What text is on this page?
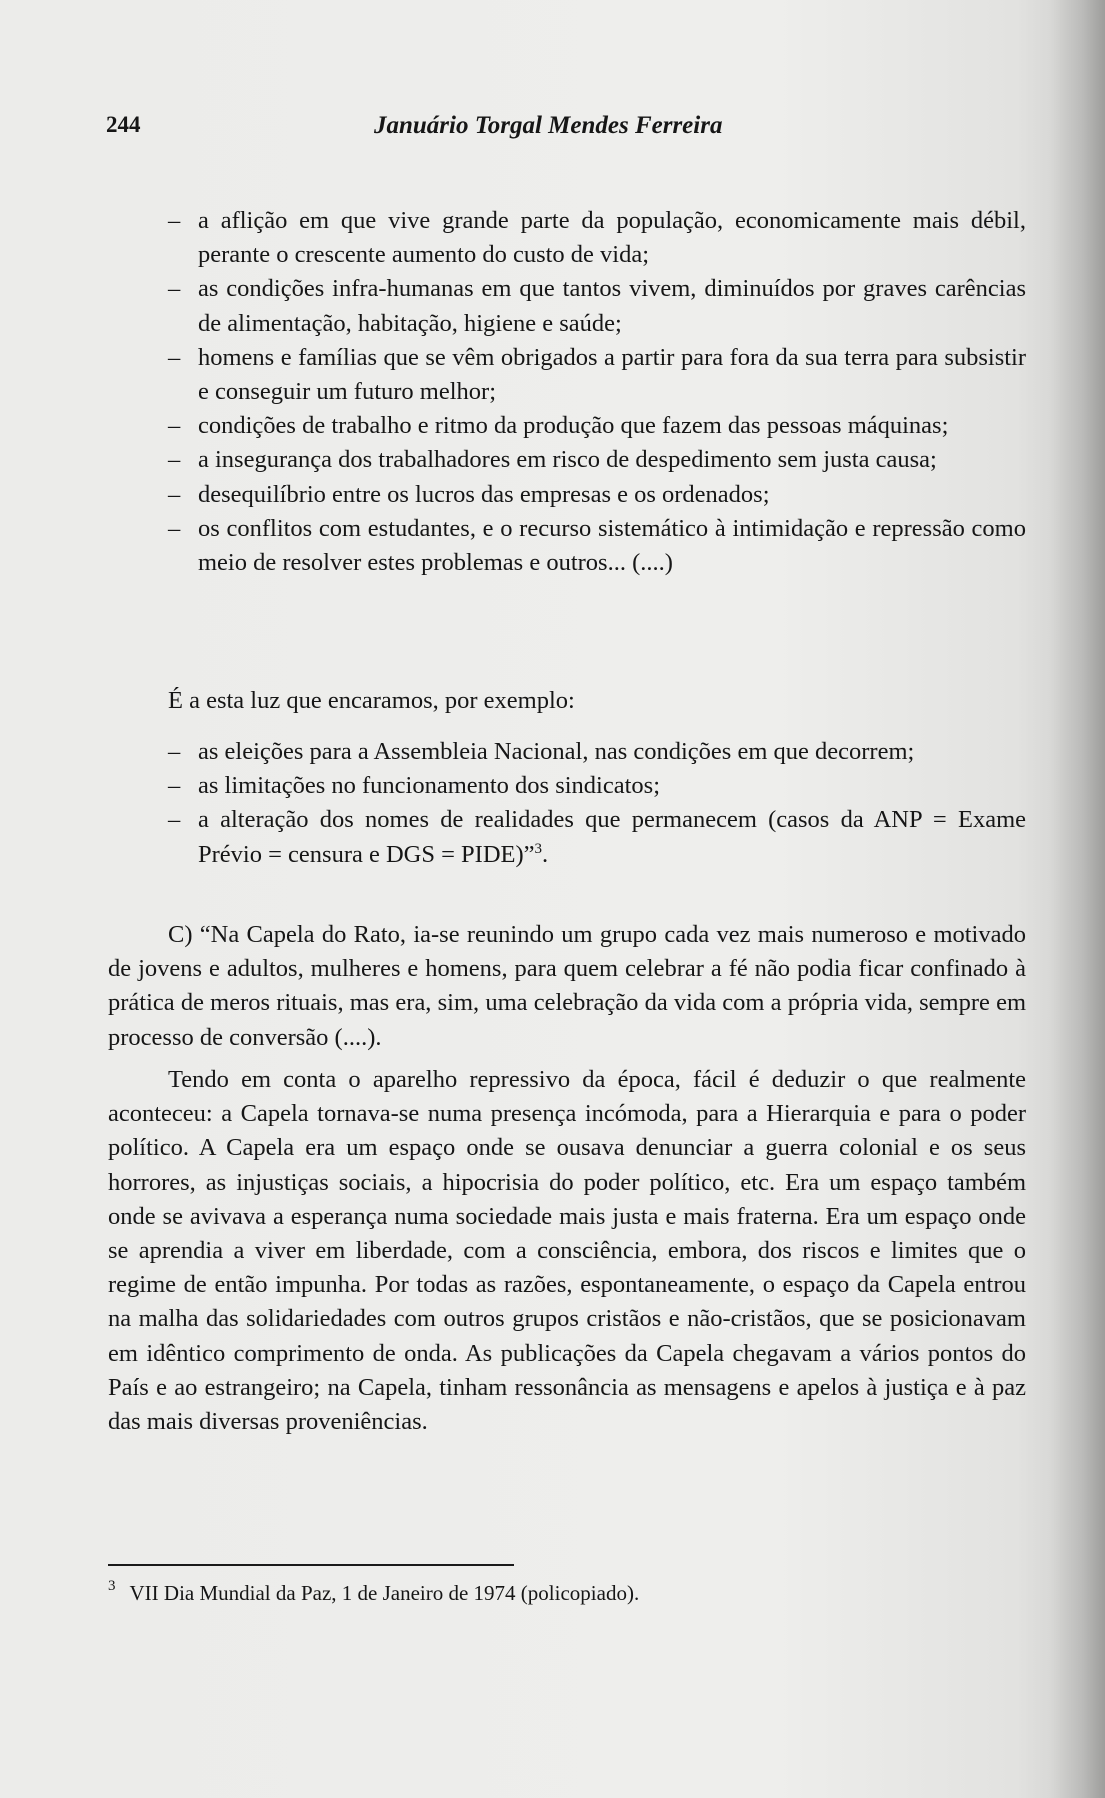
244	Januário Torgal Mendes Ferreira
– a aflição em que vive grande parte da população, economicamente mais débil, perante o crescente aumento do custo de vida;
– as condições infra-humanas em que tantos vivem, diminuídos por graves carências de alimentação, habitação, higiene e saúde;
– homens e famílias que se vêm obrigados a partir para fora da sua terra para subsistir e conseguir um futuro melhor;
– condições de trabalho e ritmo da produção que fazem das pessoas máquinas;
– a insegurança dos trabalhadores em risco de despedimento sem justa causa;
– desequilíbrio entre os lucros das empresas e os ordenados;
– os conflitos com estudantes, e o recurso sistemático à intimidação e repressão como meio de resolver estes problemas e outros... (....)
É a esta luz que encaramos, por exemplo:
– as eleições para a Assembleia Nacional, nas condições em que decorrem;
– as limitações no funcionamento dos sindicatos;
– a alteração dos nomes de realidades que permanecem (casos da ANP = Exame Prévio = censura e DGS = PIDE)”$^3$.

C) “Na Capela do Rato, ia-se reunindo um grupo cada vez mais numeroso e motivado de jovens e adultos, mulheres e homens, para quem celebrar a fé não podia ficar confinado à prática de meros rituais, mas era, sim, uma celebração da vida com a própria vida, sempre em processo de conversão (....).

Tendo em conta o aparelho repressivo da época, fácil é deduzir o que realmente aconteceu: a Capela tornava-se numa presença incómoda, para a Hierarquia e para o poder político. A Capela era um espaço onde se ousava denunciar a guerra colonial e os seus horrores, as injustiças sociais, a hipocrisia do poder político, etc. Era um espaço também onde se avivava a esperança numa sociedade mais justa e mais fraterna. Era um espaço onde se aprendia a viver em liberdade, com a consciência, embora, dos riscos e limites que o regime de então impunha. Por todas as razões, espontaneamente, o espaço da Capela entrou na malha das solidariedades com outros grupos cristãos e não-cristãos, que se posicionavam em idêntico comprimento de onda. As publicações da Capela chegavam a vários pontos do País e ao estrangeiro; na Capela, tinham ressonância as mensagens e apelos à justiça e à paz das mais diversas proveniências.

$^3$ VII Dia Mundial da Paz, 1 de Janeiro de 1974 (policopiado).
